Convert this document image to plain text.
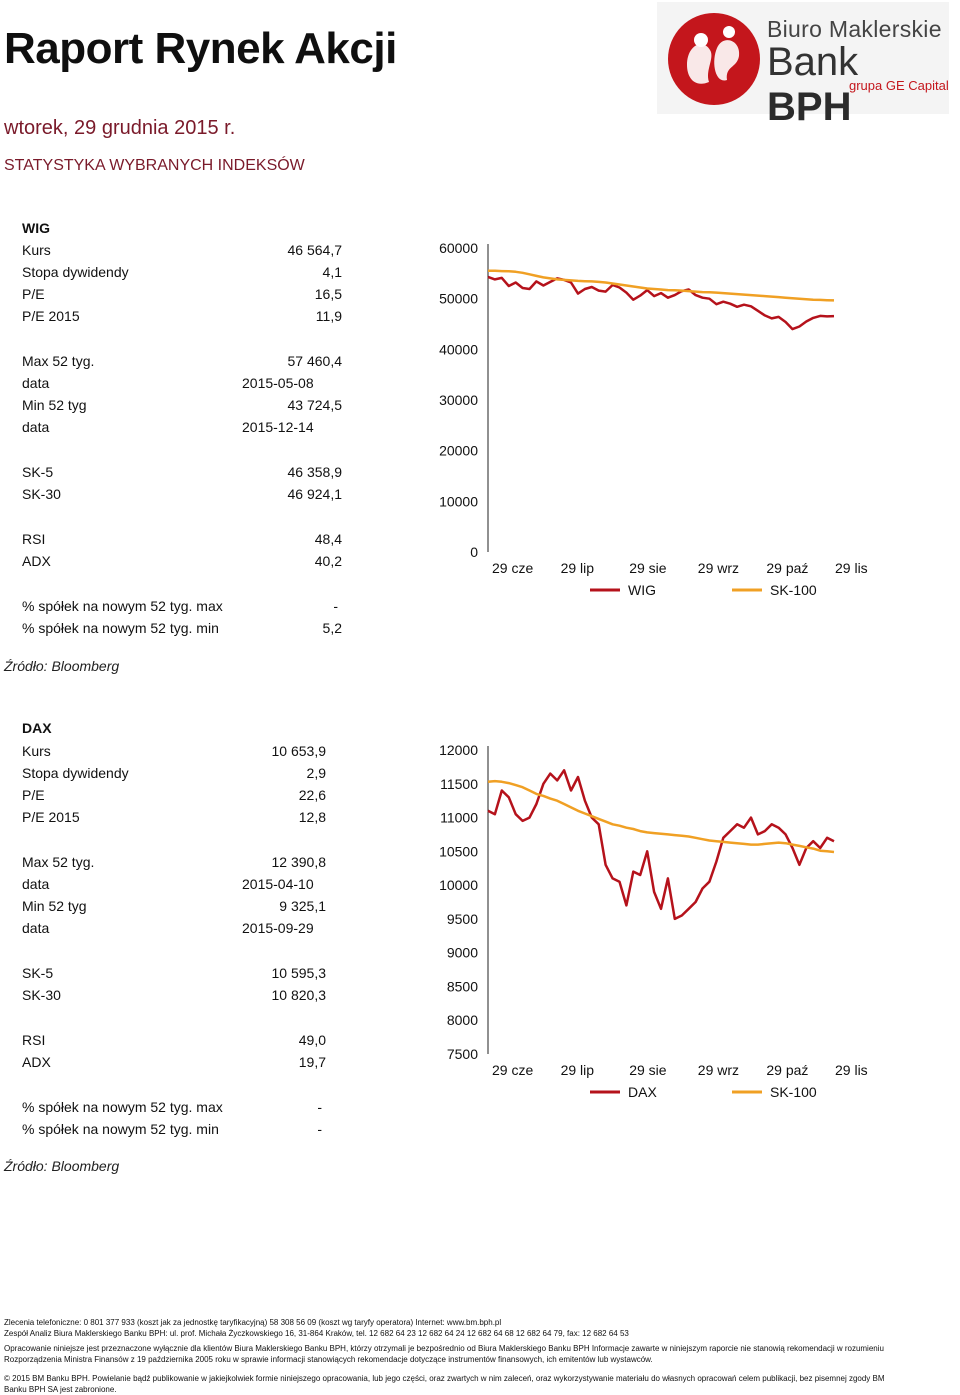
Raport Rynek Akcji
wtorek, 29 grudnia 2015 r.
STATYSTYKA WYBRANYCH INDEKSÓW
Biuro Maklerskie
Bank BPH
grupa GE Capital
WIG
Kurs	46 564,7
Stopa dywidendy	4,1
P/E	16,5
P/E 2015	11,9
Max 52 tyg.	57 460,4
data	2015-05-08
Min 52 tyg	43 724,5
data	2015-12-14
SK-5	46 358,9
SK-30	46 924,1
RSI	48,4
ADX	40,2
% spółek na nowym 52 tyg. max	-
% spółek na nowym 52 tyg. min	5,2
Źródło: Bloomberg
DAX
Kurs	10 653,9
Stopa dywidendy	2,9
P/E	22,6
P/E 2015	12,8
Max 52 tyg.	12 390,8
data	2015-04-10
Min 52 tyg	9 325,1
data	2015-09-29
SK-5	10 595,3
SK-30	10 820,3
RSI	49,0
ADX	19,7
% spółek na nowym 52 tyg. max	-
% spółek na nowym 52 tyg. min	-
Źródło: Bloomberg
60000
50000
40000
30000
20000
10000
0
29 cze 29 lip	29 sie 29 wrz 29 paź 29 lis
WIG	SK-100
12000
11500
11000
10500
10000
9500
9000
8500
8000
7500
29 cze 29 lip	29 sie 29 wrz 29 paź 29 lis
DAX	SK-100
Zlecenia telefoniczne: 0 801 377 933 (koszt jak za jednostkę taryfikacyjną) 58 308 56 09 (koszt wg taryfy operatora) Internet: www.bm.bph.pl
Zespół Analiz Biura Maklerskiego Banku BPH: ul. prof. Michała Życzkowskiego 16, 31-864 Kraków, tel. 12 682 64 23 12 682 64 24 12 682 64 68 12 682 64 79, fax: 12 682 64 53
Opracowanie niniejsze jest przeznaczone wyłącznie dla klientów Biura Maklerskiego Banku BPH, którzy otrzymali je bezpośrednio od Biura Maklerskiego Banku BPH Informacje zawarte w niniejszym raporcie nie stanowią rekomendacji w rozumieniu
Rozporządzenia Ministra Finansów z 19 października 2005 roku w sprawie informacji stanowiących rekomendacje dotyczące instrumentów finansowych, ich emitentów lub wystawców.
© 2015 BM Banku BPH. Powielanie bądź publikowanie w jakiejkolwiek formie niniejszego opracowania, lub jego części, oraz zwartych w nim zaleceń, oraz wykorzystywanie materiału do własnych opracowań celem publikacji, bez pisemnej zgody BM
Banku BPH SA jest zabronione.
